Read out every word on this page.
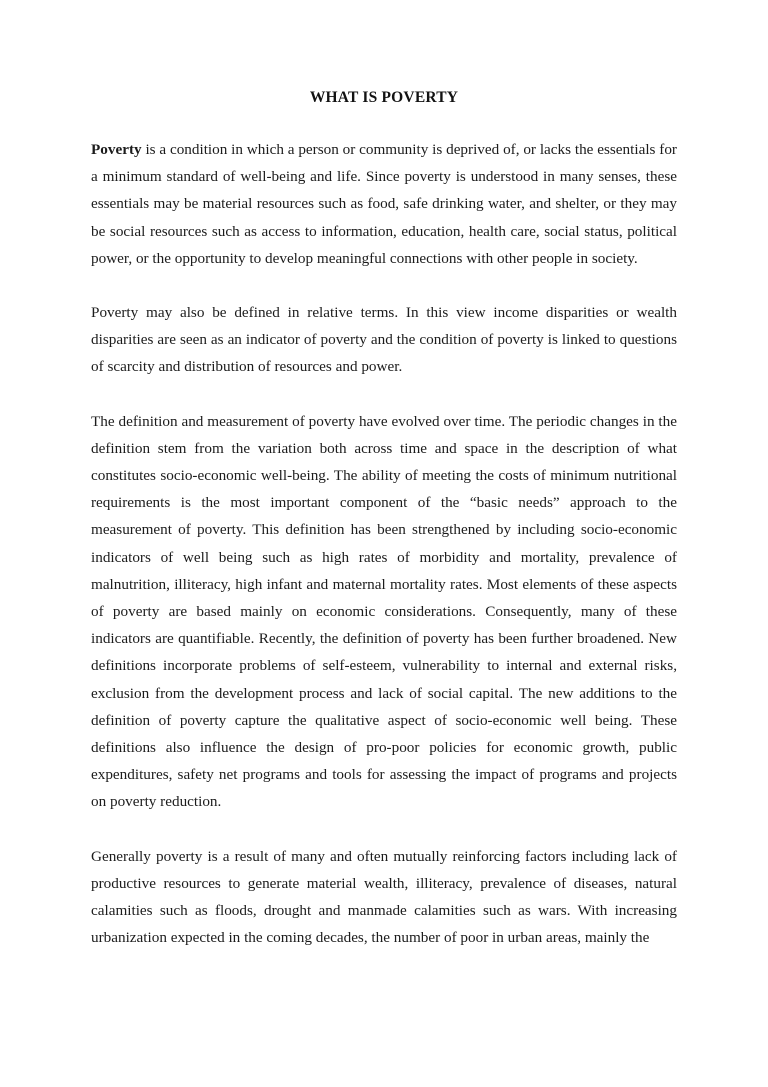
WHAT IS POVERTY

Poverty is a condition in which a person or community is deprived of, or lacks the essentials for a minimum standard of well-being and life. Since poverty is understood in many senses, these essentials may be material resources such as food, safe drinking water, and shelter, or they may be social resources such as access to information, education, health care, social status, political power, or the opportunity to develop meaningful connections with other people in society.

Poverty may also be defined in relative terms. In this view income disparities or wealth disparities are seen as an indicator of poverty and the condition of poverty is linked to questions of scarcity and distribution of resources and power.

The definition and measurement of poverty have evolved over time. The periodic changes in the definition stem from the variation both across time and space in the description of what constitutes socio-economic well-being. The ability of meeting the costs of minimum nutritional requirements is the most important component of the “basic needs” approach to the measurement of poverty. This definition has been strengthened by including socio-economic indicators of well being such as high rates of morbidity and mortality, prevalence of malnutrition, illiteracy, high infant and maternal mortality rates. Most elements of these aspects of poverty are based mainly on economic considerations. Consequently, many of these indicators are quantifiable. Recently, the definition of poverty has been further broadened. New definitions incorporate problems of self-esteem, vulnerability to internal and external risks, exclusion from the development process and lack of social capital. The new additions to the definition of poverty capture the qualitative aspect of socio-economic well being. These definitions also influence the design of pro-poor policies for economic growth, public expenditures, safety net programs and tools for assessing the impact of programs and projects on poverty reduction.

Generally poverty is a result of many and often mutually reinforcing factors including lack of productive resources to generate material wealth, illiteracy, prevalence of diseases, natural calamities such as floods, drought and manmade calamities such as wars. With increasing urbanization expected in the coming decades, the number of poor in urban areas, mainly the
